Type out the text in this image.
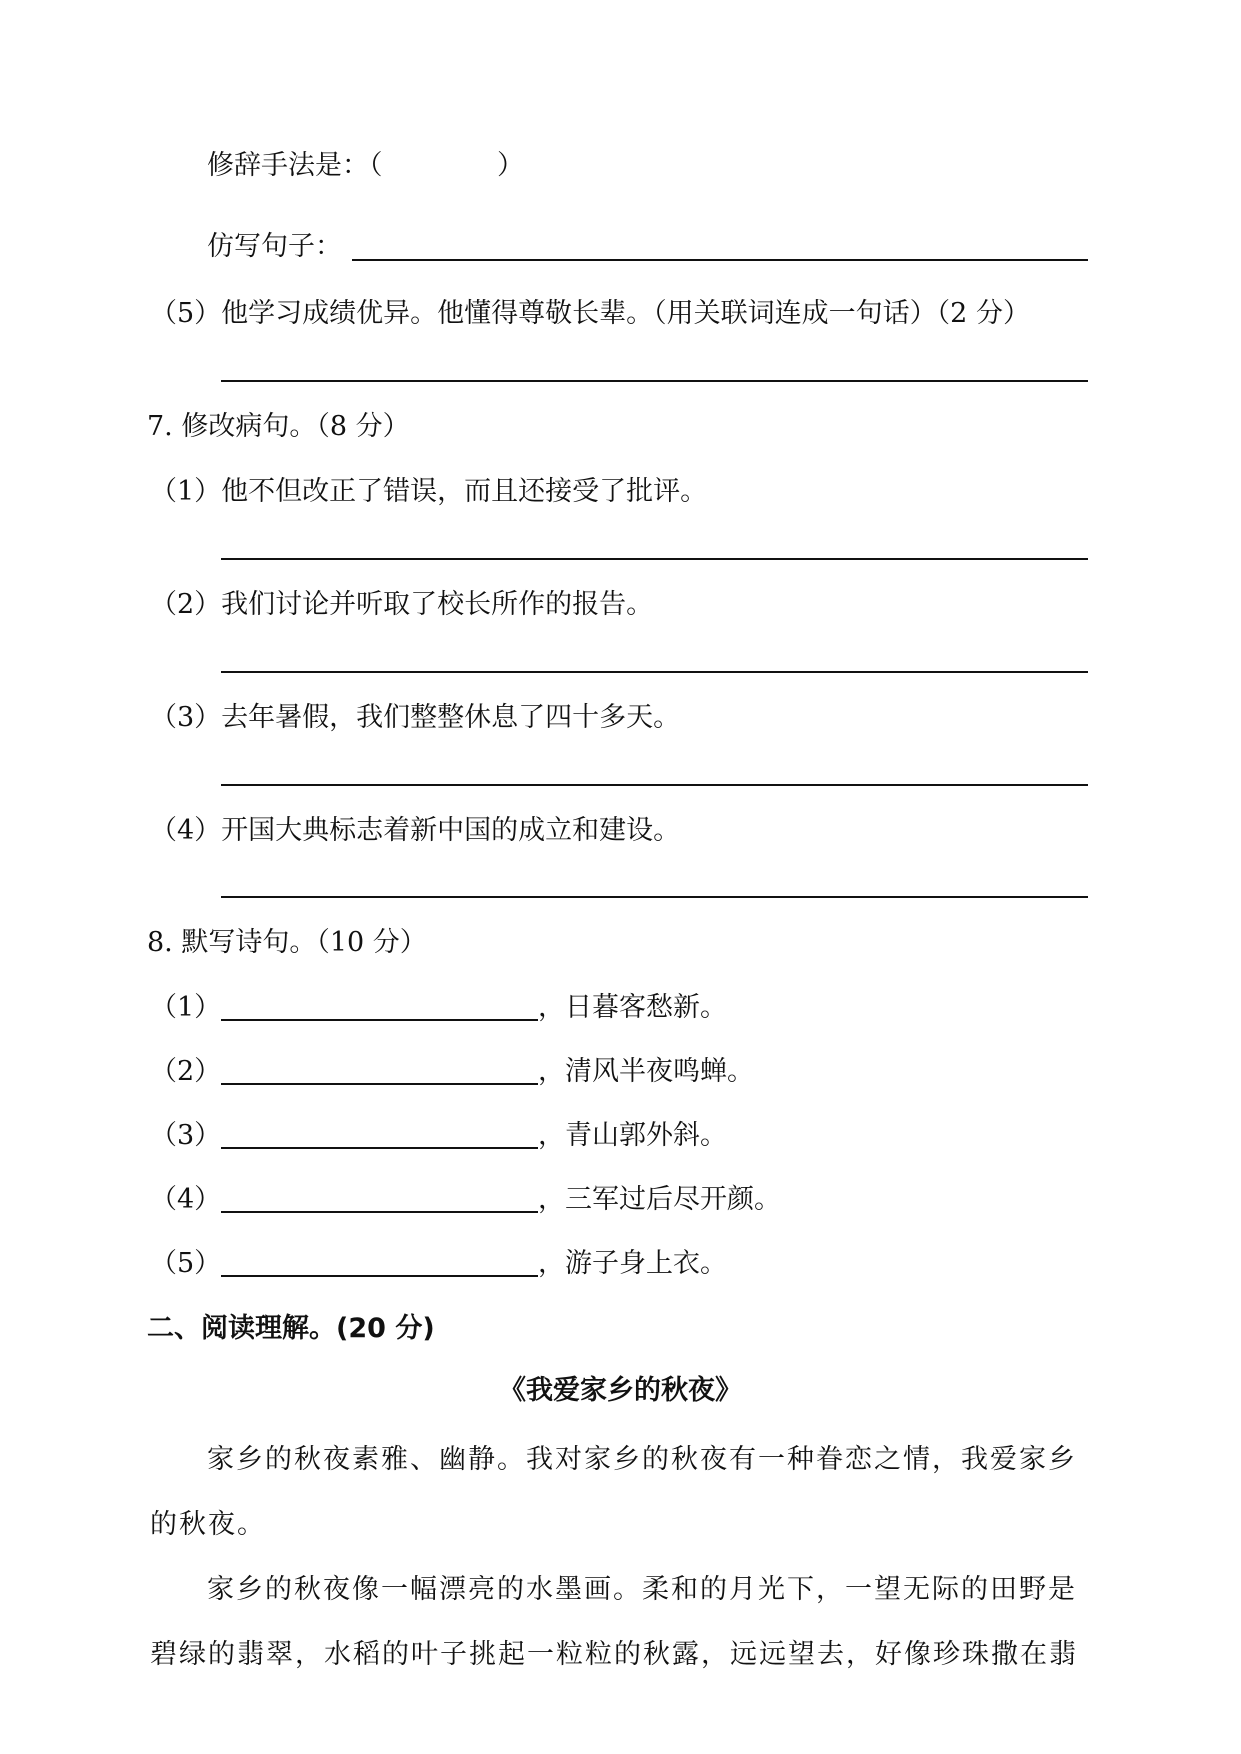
修辞手法是：（	）
仿写句子：
（5）他学习成绩优异。他懂得尊敬长辈。（用关联词连成一句话）（2 分）
7. 修改病句。（8 分）
（1）他不但改正了错误，而且还接受了批评。
（2）我们讨论并听取了校长所作的报告。
（3）去年暑假，我们整整休息了四十多天。
（4）开国大典标志着新中国的成立和建设。
8. 默写诗句。（10 分）
（1）	，日暮客愁新。
（2）	，清风半夜鸣蝉。
（3）	，青山郭外斜。
（4）	，三军过后尽开颜。
（5）	，游子身上衣。
二、阅读理解。(20 分)
《我爱家乡的秋夜》
家乡的秋夜素雅、幽静。我对家乡的秋夜有一种眷恋之情，我爱家乡
的秋夜。
家乡的秋夜像一幅漂亮的水墨画。柔和的月光下，一望无际的田野是
碧绿的翡翠，水稻的叶子挑起一粒粒的秋露，远远望去，好像珍珠撒在翡
